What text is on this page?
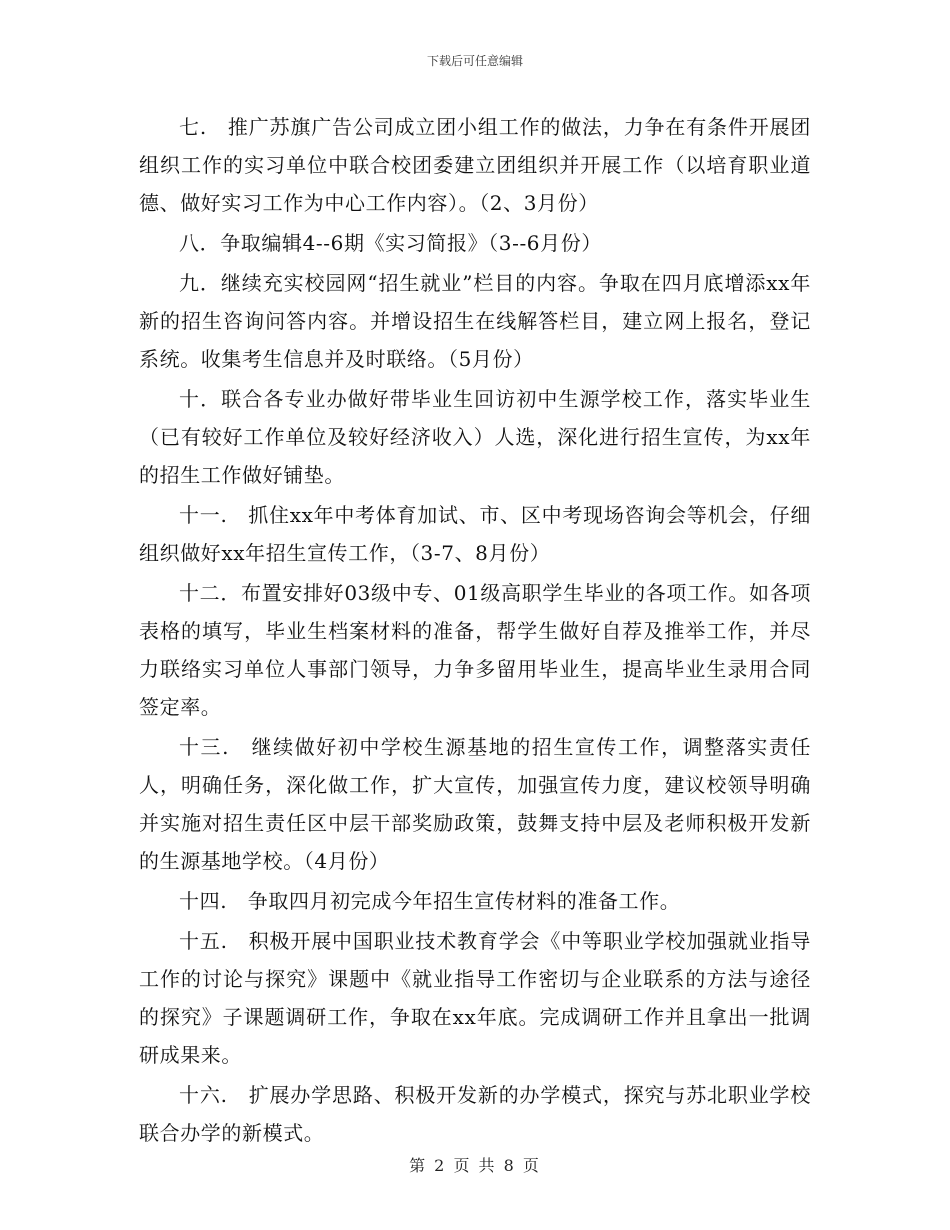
下载后可任意编辑

七.　推广苏旗广告公司成立团小组工作的做法，力争在有条件开展团组织工作的实习单位中联合校团委建立团组织并开展工作（以培育职业道德、做好实习工作为中心工作内容）。（2、3月份）

八．争取编辑4--6期《实习简报》（3--6月份）

九．继续充实校园网“招生就业”栏目的内容。争取在四月底增添xx年新的招生咨询问答内容。并增设招生在线解答栏目，建立网上报名，登记系统。收集考生信息并及时联络。（5月份）

十．联合各专业办做好带毕业生回访初中生源学校工作，落实毕业生（已有较好工作单位及较好经济收入）人选，深化进行招生宣传，为xx年的招生工作做好铺垫。

十一.　抓住xx年中考体育加试、市、区中考现场咨询会等机会，仔细组织做好xx年招生宣传工作，（3-7、8月份）

十二．布置安排好03级中专、01级高职学生毕业的各项工作。如各项表格的填写，毕业生档案材料的准备，帮学生做好自荐及推举工作，并尽力联络实习单位人事部门领导，力争多留用毕业生，提高毕业生录用合同签定率。

十三.　继续做好初中学校生源基地的招生宣传工作，调整落实责任人，明确任务，深化做工作，扩大宣传，加强宣传力度，建议校领导明确并实施对招生责任区中层干部奖励政策，鼓舞支持中层及老师积极开发新的生源基地学校。（4月份）

十四.　争取四月初完成今年招生宣传材料的准备工作。

十五.　积极开展中国职业技术教育学会《中等职业学校加强就业指导工作的讨论与探究》课题中《就业指导工作密切与企业联系的方法与途径的探究》子课题调研工作，争取在xx年底。完成调研工作并且拿出一批调研成果来。

十六.　扩展办学思路、积极开发新的办学模式，探究与苏北职业学校联合办学的新模式。

第 2 页 共 8 页
